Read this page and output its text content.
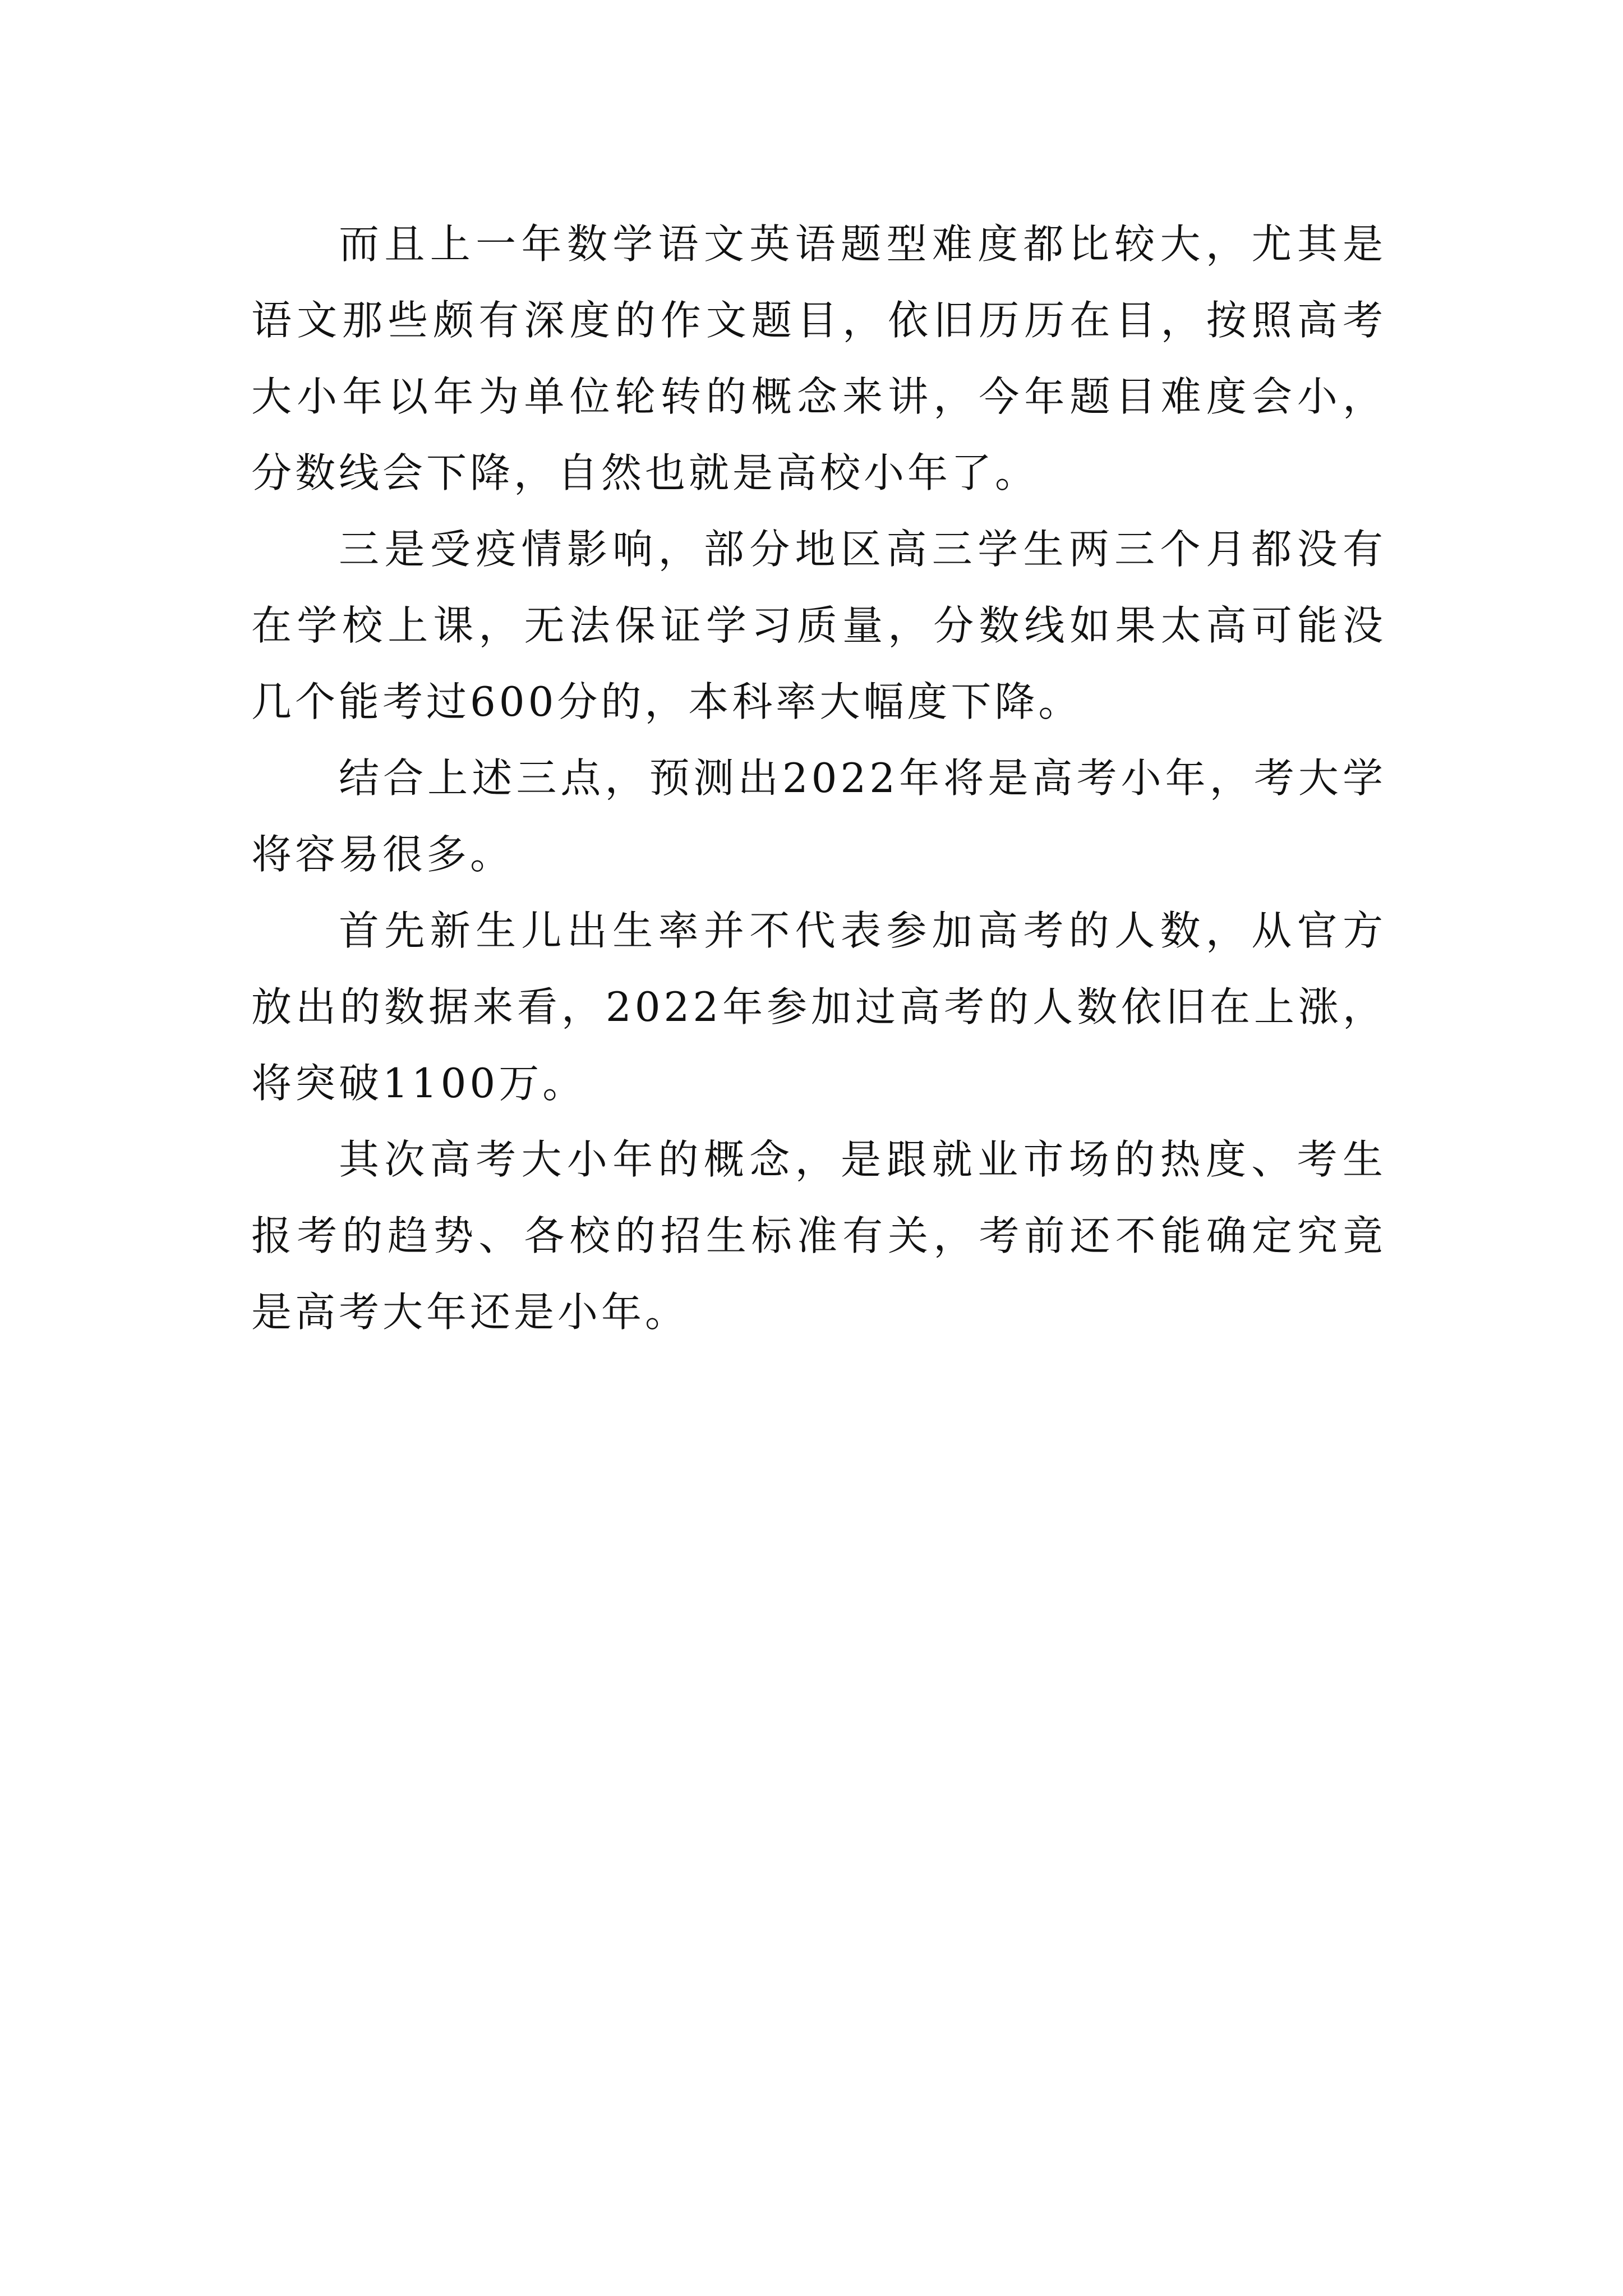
而且上一年数学语文英语题型难度都比较大，尤其是语文那些颇有深度的作文题目，依旧历历在目，按照高考大小年以年为单位轮转的概念来讲，今年题目难度会小，分数线会下降，自然也就是高校小年了。

三是受疫情影响，部分地区高三学生两三个月都没有在学校上课，无法保证学习质量，分数线如果太高可能没几个能考过600分的，本科率大幅度下降。

结合上述三点，预测出2022年将是高考小年，考大学将容易很多。

首先新生儿出生率并不代表参加高考的人数，从官方放出的数据来看，2022年参加过高考的人数依旧在上涨，将突破1100万。

其次高考大小年的概念，是跟就业市场的热度、考生报考的趋势、各校的招生标准有关，考前还不能确定究竟是高考大年还是小年。
